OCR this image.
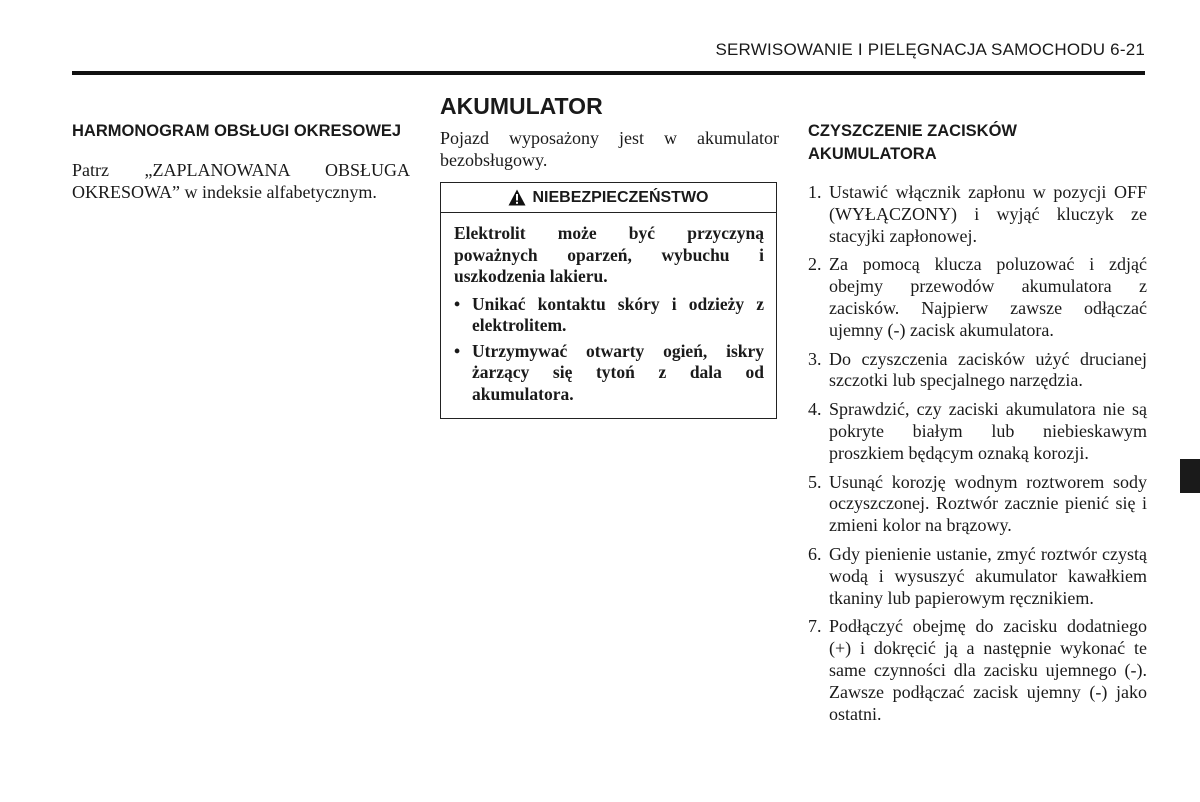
SERWISOWANIE I PIELĘGNACJA SAMOCHODU 6-21
HARMONOGRAM OBSŁUGI OKRESOWEJ

Patrz „ZAPLANOWANA OBSŁUGA OKRESOWA” w indeksie alfabetycznym.

AKUMULATOR

Pojazd wyposażony jest w akumulator bezobsługowy.

NIEBEZPIECZEŃSTWO

Elektrolit może być przyczyną poważnych oparzeń, wybuchu i uszkodzenia lakieru.

• Unikać kontaktu skóry i odzieży z elektrolitem.
• Utrzymywać otwarty ogień, iskry żarzący się tytoń z dala od akumulatora.
CZYSZCZENIE ZACISKÓW AKUMULATORA
1. Ustawić włącznik zapłonu w pozycji OFF (WYŁĄCZONY) i wyjąć kluczyk ze stacyjki zapłonowej.
2. Za pomocą klucza poluzować i zdjąć obejmy przewodów akumulatora z zacisków. Najpierw zawsze odłączać ujemny (-) zacisk akumulatora.
3. Do czyszczenia zacisków użyć drucianej szczotki lub specjalnego narzędzia.
4. Sprawdzić, czy zaciski akumulatora nie są pokryte białym lub niebieskawym proszkiem będącym oznaką korozji.
5. Usunąć korozję wodnym roztworem sody oczyszczonej. Roztwór zacznie pienić się i zmieni kolor na brązowy.
6. Gdy pienienie ustanie, zmyć roztwór czystą wodą i wysuszyć akumulator kawałkiem tkaniny lub papierowym ręcznikiem.
7. Podłączyć obejmę do zacisku dodatniego (+) i dokręcić ją a następnie wykonać te same czynności dla zacisku ujemnego (-). Zawsze podłączać zacisk ujemny (-) jako ostatni.
